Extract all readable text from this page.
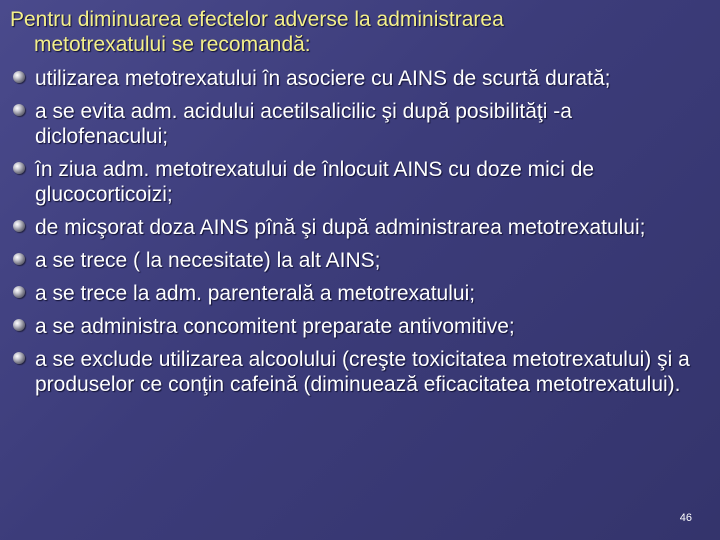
Pentru diminuarea efectelor adverse la administrarea
metotrexatului se recomandă:
utilizarea metotrexatului în asociere cu AINS de scurtă durată;
a se evita adm. acidului acetilsalicilic şi după posibilităţi -a diclofenacului;
în ziua adm. metotrexatului de înlocuit AINS cu doze mici de glucocorticoizi;
de micşorat doza AINS pînă şi după administrarea metotrexatului;
a se trece ( la necesitate) la alt AINS;
a se trece la adm. parenterală a metotrexatului;
a se administra concomitent preparate antivomitive;
a se exclude utilizarea alcoolului (creşte toxicitatea metotrexatului) şi a produselor ce conţin cafeină (diminuează eficacitatea metotrexatului).
46
